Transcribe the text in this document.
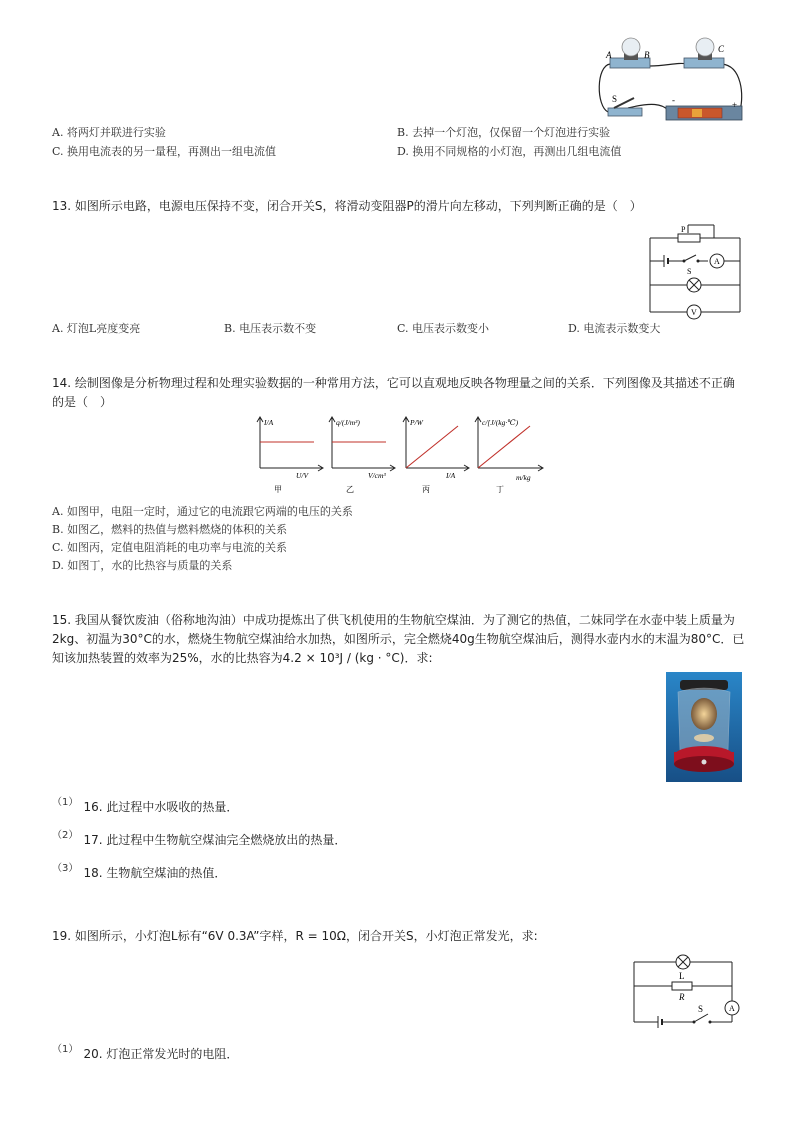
A	B
C
S	-	+
A. 将两灯并联进行实验	B. 去掉一个灯泡，仅保留一个灯泡进行实验
C. 换用电流表的另一量程，再测出一组电流值	D. 换用不同规格的小灯泡，再测出几组电流值
13. 如图所示电路，电源电压保持不变，闭合开关S，将滑动变阻器P的滑片向左移动，下列判断正确的是（　）
P
S
A
V
A. 灯泡L亮度变亮	B. 电压表示数不变	C. 电压表示数变小	D. 电流表示数变大
14. 绘制图像是分析物理过程和处理实验数据的一种常用方法，它可以直观地反映各物理量之间的关系．下列图像及其描述不正确
的是（　）
I/A
U/V
q/(J/m³)
V/cm³
P/W
I/A
c/[J/(kg·℃)
m/kg
甲	乙	丙	丁
A. 如图甲，电阻一定时，通过它的电流跟它两端的电压的关系
B. 如图乙，燃料的热值与燃料燃烧的体积的关系
C. 如图丙，定值电阻消耗的电功率与电流的关系
D. 如图丁，水的比热容与质量的关系
15. 我国从餐饮废油（俗称地沟油）中成功提炼出了供飞机使用的生物航空煤油．为了测它的热值，二妹同学在水壶中装上质量为
2kg、初温为30°C的水，燃烧生物航空煤油给水加热，如图所示，完全燃烧40g生物航空煤油后，测得水壶内水的末温为80°C．已
知该加热装置的效率为25%，水的比热容为4.2 × 10³J / (kg · °C)．求:
$^{(1)}$ 16. 此过程中水吸收的热量．
$^{(2)}$ 17. 此过程中生物航空煤油完全燃烧放出的热量．
$^{(3)}$ 18. 生物航空煤油的热值．
19. 如图所示，小灯泡L标有“6V 0.3A”字样，R = 10Ω，闭合开关S，小灯泡正常发光，求:
L
R
S	A
$^{(1)}$ 20. 灯泡正常发光时的电阻．
